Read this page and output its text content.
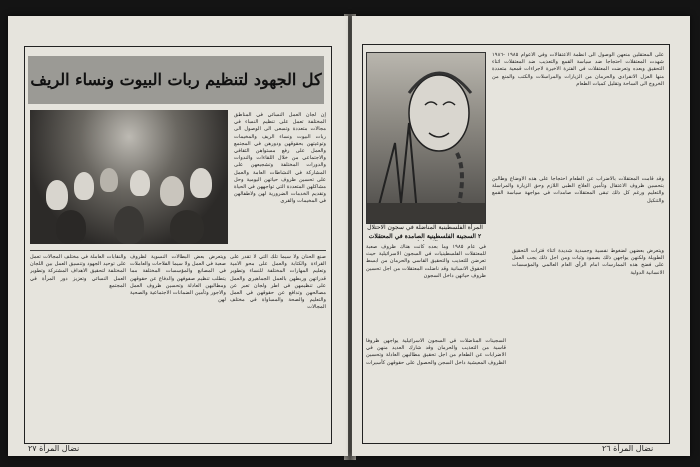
كل الجهود لتنظيم ربات البيوت ونساء الريف
إن لجان العمل النسائي في المناطق المختلفة تعمل على تنظيم النساء في مجالات متعددة وتسعى الى الوصول الى ربات البيوت ونساء الريف والمخيمات وتوعيتهن بحقوقهن ودورهن في المجتمع والعمل على رفع مستواهن الثقافي والاجتماعي من خلال اللقاءات والندوات والدورات المختلفة وتشجيعهن على المشاركة في النشاطات العامة والعمل على تحسين ظروف حياتهن اليومية وحل مشاكلهن المتعددة التي تواجههن في الحياة وتقديم الخدمات الضرورية لهن ولاطفالهن في المخيمات والقرى
صنع الحنان ولا سيما تلك التي لا تقدر على القراءة والكتابة والعمل على محو الامية وتعليم المهارات المختلفة للنساء وتطوير قدراتهن وربطهن بالعمل الجماهيري والعمل على تنظيمهن في اطر ولجان تعبر عن مصالحهن وتدافع عن حقوقهن في العمل والتعليم والصحة والمساواة في مختلف المجالات
ويتعرض بعض البطالات النسوية لظروف صعبة في العمل ولا سيما الفلاحات والعاملات في المصانع والمؤسسات المختلفة مما يتطلب تنظيم صفوفهن والدفاع عن حقوقهن ومطالبهن العادلة وتحسين ظروف العمل والاجور وتأمين الضمانات الاجتماعية والصحية لهن
والنقابات العاملة في مختلف المجالات تعمل على توحيد الجهود وتنسيق العمل بين اللجان المختلفة لتحقيق الاهداف المشتركة وتطوير العمل النسائي وتعزيز دور المرأة في المجتمع
نضال المرأة ٢٧
المرأة الفلسطينية المناضلة في سجون الاحتلال
٢ السجينة الفلسطينية الصامدة في المعتقلات
على المعتقلين منعهن الوصول الى انظمة الاعتقالات وفي الاعوام ١٩٨٥ -١٩٨٦ شهدت المعتقلات احتجاجا ضد سياسة القمع والتعذيب ضد المعتقلات اثناء التحقيق وبعده وتعرضت المعتقلات في الفترة الاخيرة لاجراءات قمعية متعددة منها العزل الانفرادي والحرمان من الزيارات والمراسلات والكتب والمنع من الخروج الى الساحة وتقليل كميات الطعام
وقد قامت المعتقلات بالاضراب عن الطعام احتجاجا على هذه الاوضاع وطالبن بتحسين ظروف الاعتقال وتأمين العلاج الطبي اللازم وحق الزيارة والمراسلة والتعليم ورغم كل ذلك تبقى المعتقلات صامدات في مواجهة سياسة القمع والتنكيل
في عام ١٩٨٥ وما بعده كانت هناك ظروف صعبة للمعتقلات الفلسطينيات في السجون الاسرائيلية حيث تعرضن للتعذيب والتحقيق القاسي والحرمان من ابسط الحقوق الانسانية وقد ناضلت المعتقلات من اجل تحسين ظروف حياتهن داخل السجون
السجينات المناضلات في السجون الاسرائيلية يواجهن ظروفا قاسية من التعذيب والحرمان وقد شارك العديد منهن في الاضرابات عن الطعام من اجل تحقيق مطالبهن العادلة وتحسين الظروف المعيشية داخل السجن والحصول على حقوقهن كأسيرات
ويتعرض بعضهن لضغوط نفسية وجسدية شديدة اثناء فترات التحقيق الطويلة ولكنهن يواجهن ذلك بصمود وثبات ومن اجل ذلك يجب العمل على فضح هذه الممارسات امام الرأي العام العالمي والمؤسسات الانسانية الدولية
نضال المرأة ٢٦
